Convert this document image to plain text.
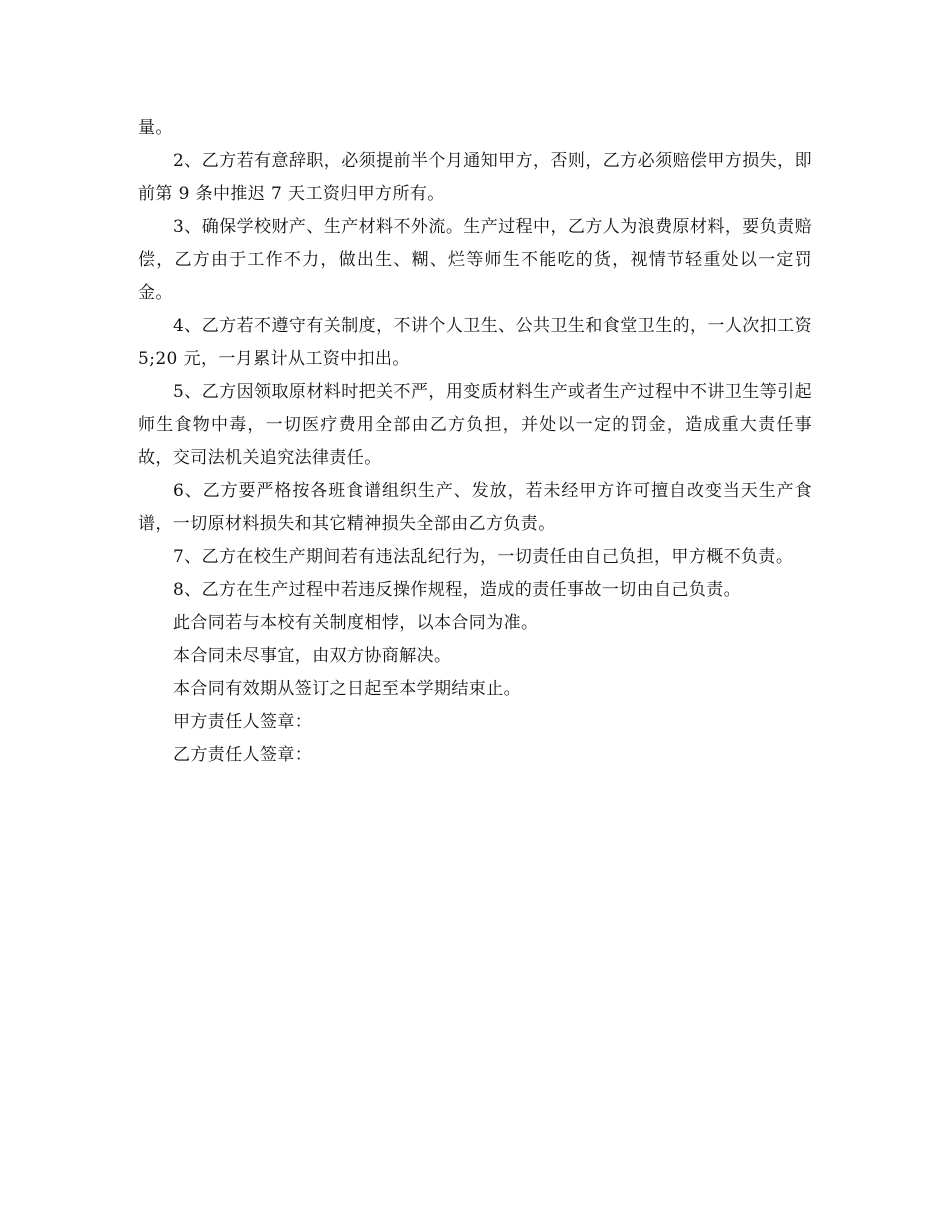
量。

2、乙方若有意辞职，必须提前半个月通知甲方，否则，乙方必须赔偿甲方损失，即前第 9 条中推迟 7 天工资归甲方所有。

3、确保学校财产、生产材料不外流。生产过程中，乙方人为浪费原材料，要负责赔偿，乙方由于工作不力，做出生、糊、烂等师生不能吃的货，视情节轻重处以一定罚金。

4、乙方若不遵守有关制度，不讲个人卫生、公共卫生和食堂卫生的，一人次扣工资 5;20 元，一月累计从工资中扣出。

5、乙方因领取原材料时把关不严，用变质材料生产或者生产过程中不讲卫生等引起师生食物中毒，一切医疗费用全部由乙方负担，并处以一定的罚金，造成重大责任事故，交司法机关追究法律责任。

6、乙方要严格按各班食谱组织生产、发放，若未经甲方许可擅自改变当天生产食谱，一切原材料损失和其它精神损失全部由乙方负责。

7、乙方在校生产期间若有违法乱纪行为，一切责任由自己负担，甲方概不负责。

8、乙方在生产过程中若违反操作规程，造成的责任事故一切由自己负责。

此合同若与本校有关制度相悖，以本合同为准。

本合同未尽事宜，由双方协商解决。

本合同有效期从签订之日起至本学期结束止。

甲方责任人签章：

乙方责任人签章：
